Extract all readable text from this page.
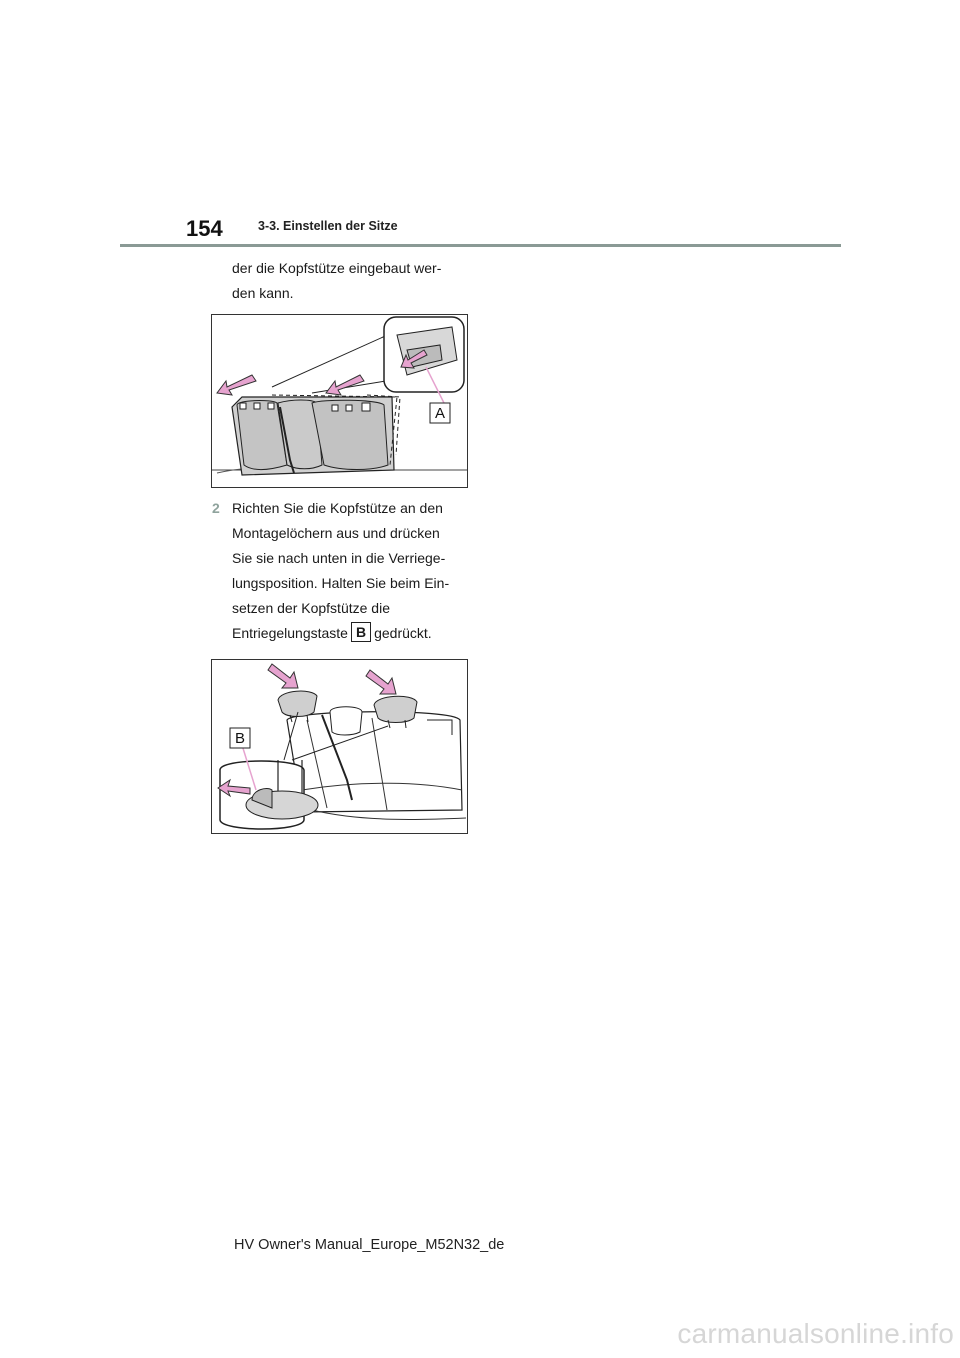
154	3-3. Einstellen der Sitze
der die Kopfstütze eingebaut wer-
den kann.
A
2 Richten Sie die Kopfstütze an den
Montagelöchern aus und drücken
Sie sie nach unten in die Verriege-
lungsposition. Halten Sie beim Ein-
setzen der Kopfstütze die
Entriegelungstaste B gedrückt.
B
HV Owner's Manual_Europe_M52N32_de
carmanualsonline.info
